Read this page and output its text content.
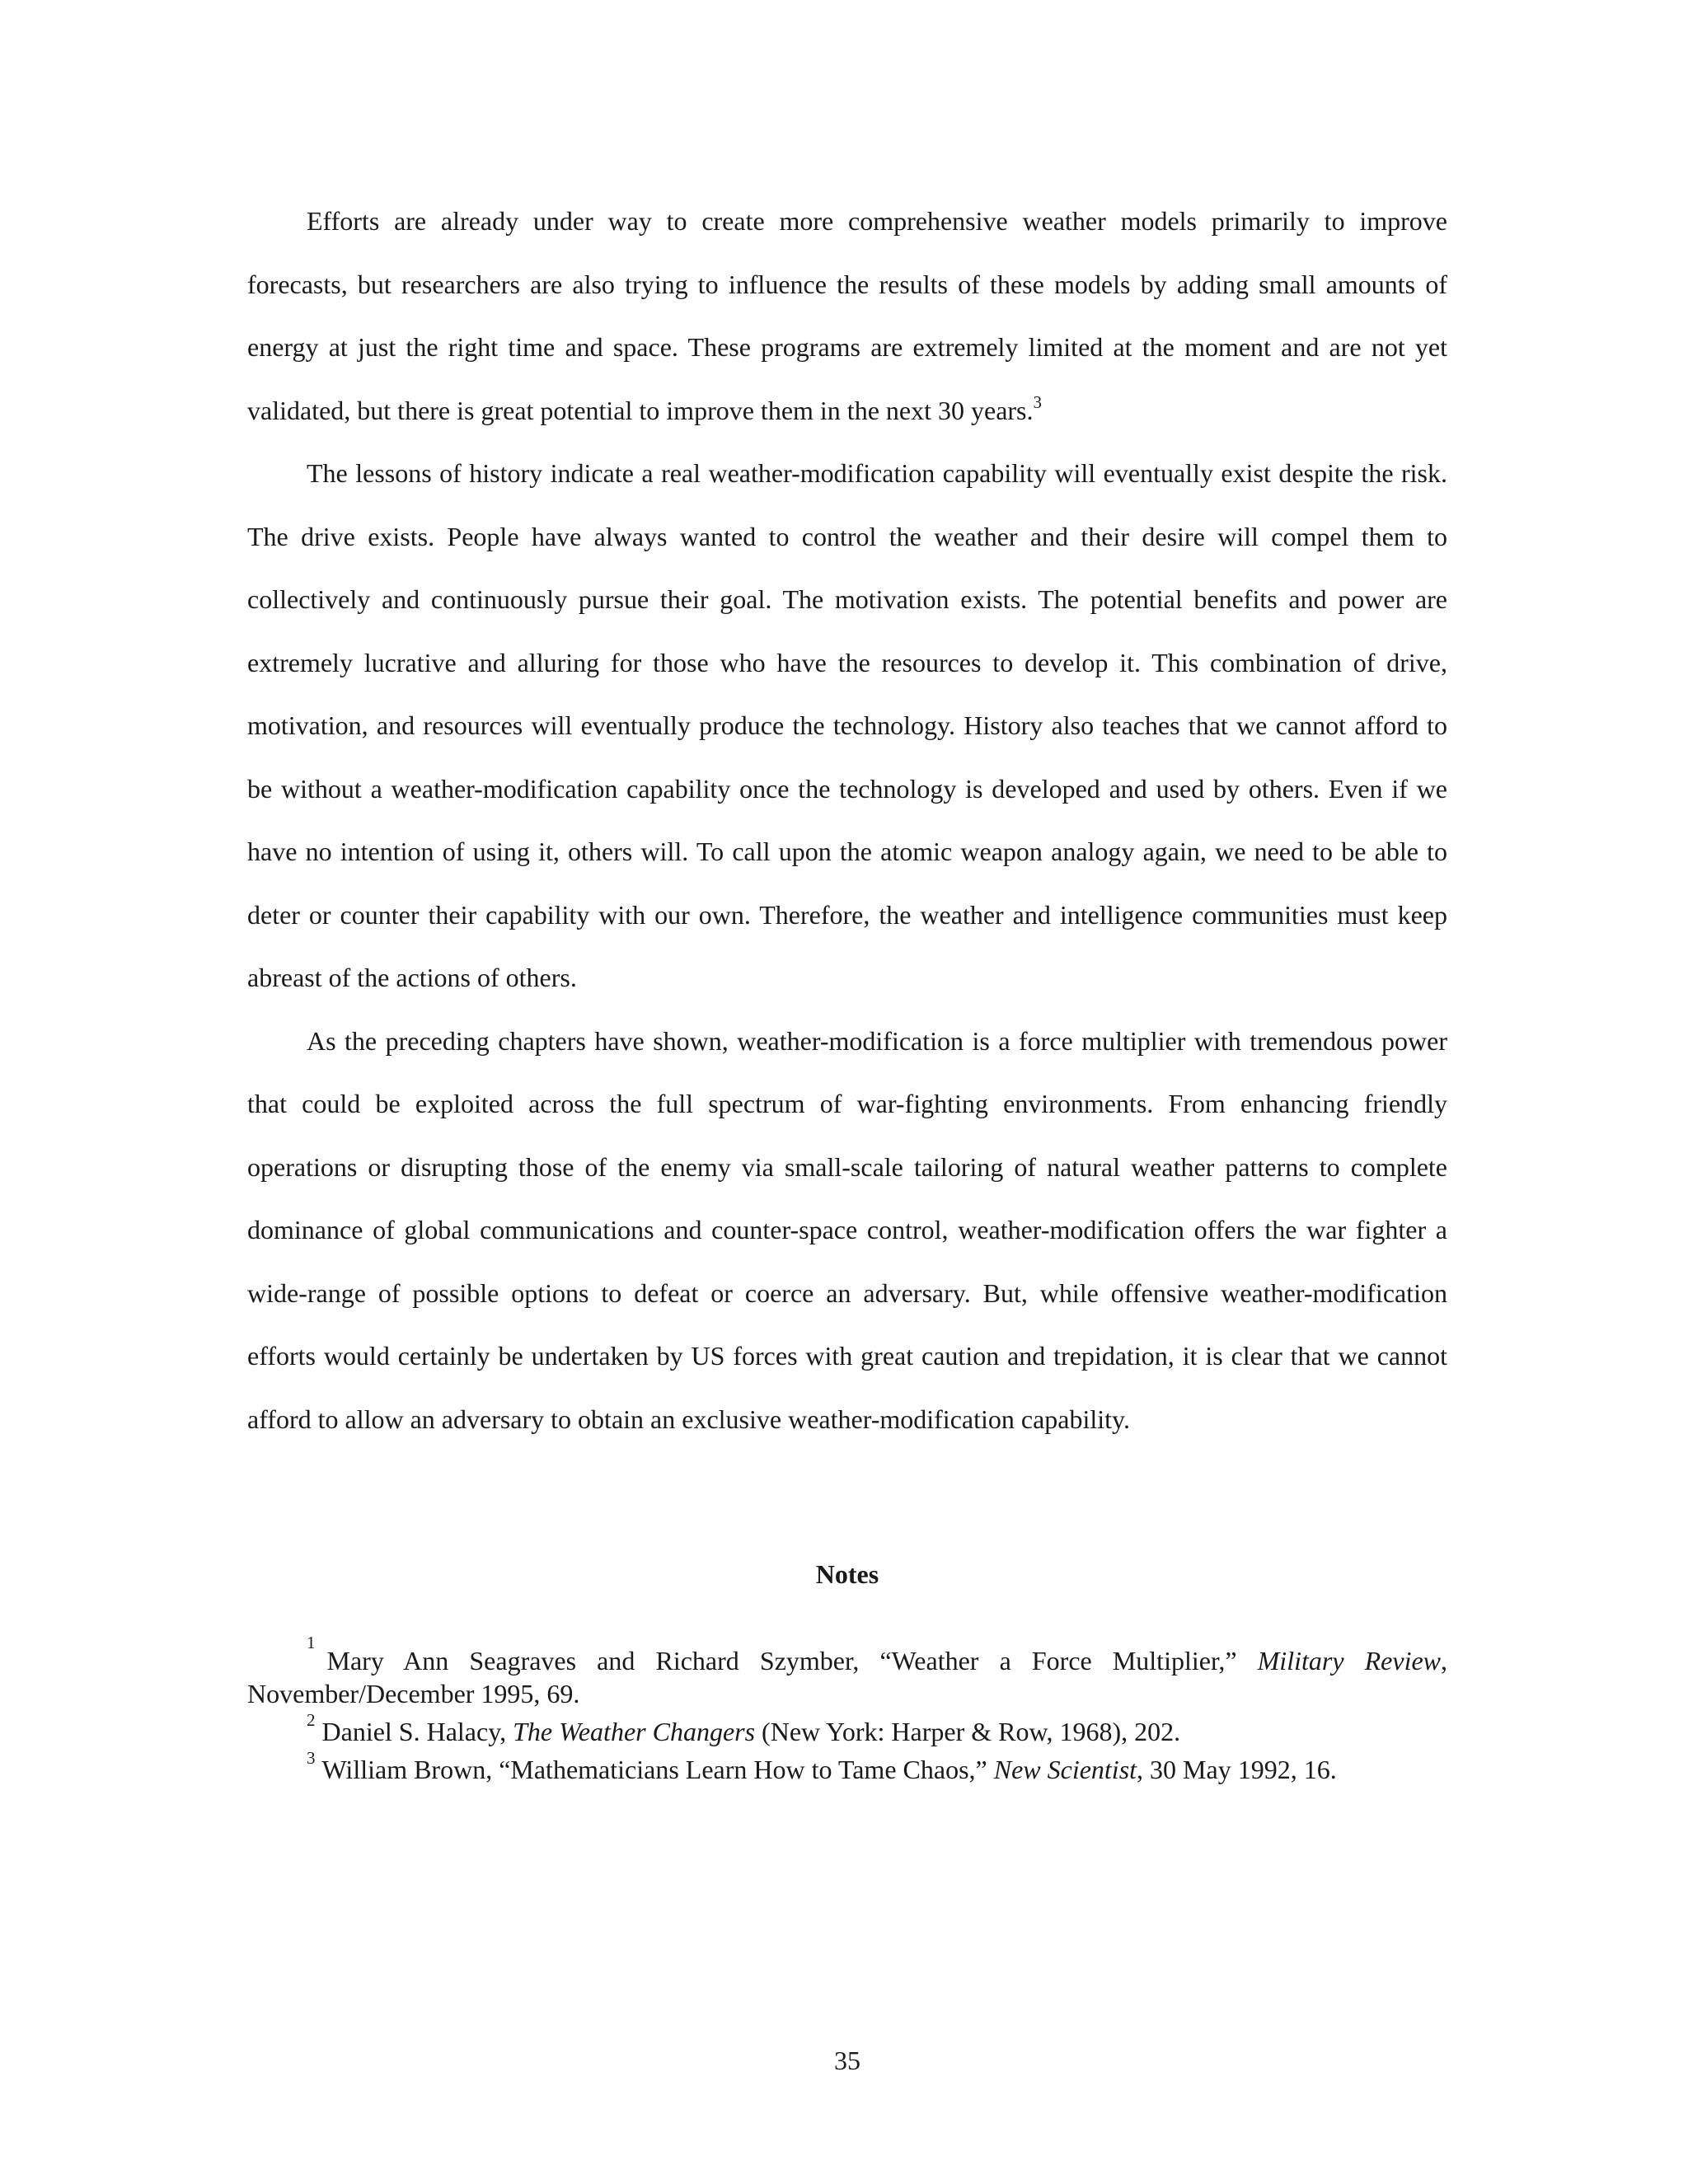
Efforts are already under way to create more comprehensive weather models primarily to improve forecasts, but researchers are also trying to influence the results of these models by adding small amounts of energy at just the right time and space. These programs are extremely limited at the moment and are not yet validated, but there is great potential to improve them in the next 30 years.$^3$

The lessons of history indicate a real weather-modification capability will eventually exist despite the risk. The drive exists. People have always wanted to control the weather and their desire will compel them to collectively and continuously pursue their goal. The motivation exists. The potential benefits and power are extremely lucrative and alluring for those who have the resources to develop it. This combination of drive, motivation, and resources will eventually produce the technology. History also teaches that we cannot afford to be without a weather-modification capability once the technology is developed and used by others. Even if we have no intention of using it, others will. To call upon the atomic weapon analogy again, we need to be able to deter or counter their capability with our own. Therefore, the weather and intelligence communities must keep abreast of the actions of others.

As the preceding chapters have shown, weather-modification is a force multiplier with tremendous power that could be exploited across the full spectrum of war-fighting environments. From enhancing friendly operations or disrupting those of the enemy via small-scale tailoring of natural weather patterns to complete dominance of global communications and counter-space control, weather-modification offers the war fighter a wide-range of possible options to defeat or coerce an adversary. But, while offensive weather-modification efforts would certainly be undertaken by US forces with great caution and trepidation, it is clear that we cannot afford to allow an adversary to obtain an exclusive weather-modification capability.

Notes

$^1$Mary Ann Seagraves and Richard Szymber, “Weather a Force Multiplier,” Military Review, November/December 1995, 69.

$^2$ Daniel S. Halacy, The Weather Changers (New York: Harper & Row, 1968), 202.

$^3$ William Brown, “Mathematicians Learn How to Tame Chaos,” New Scientist, 30 May 1992, 16.

35
